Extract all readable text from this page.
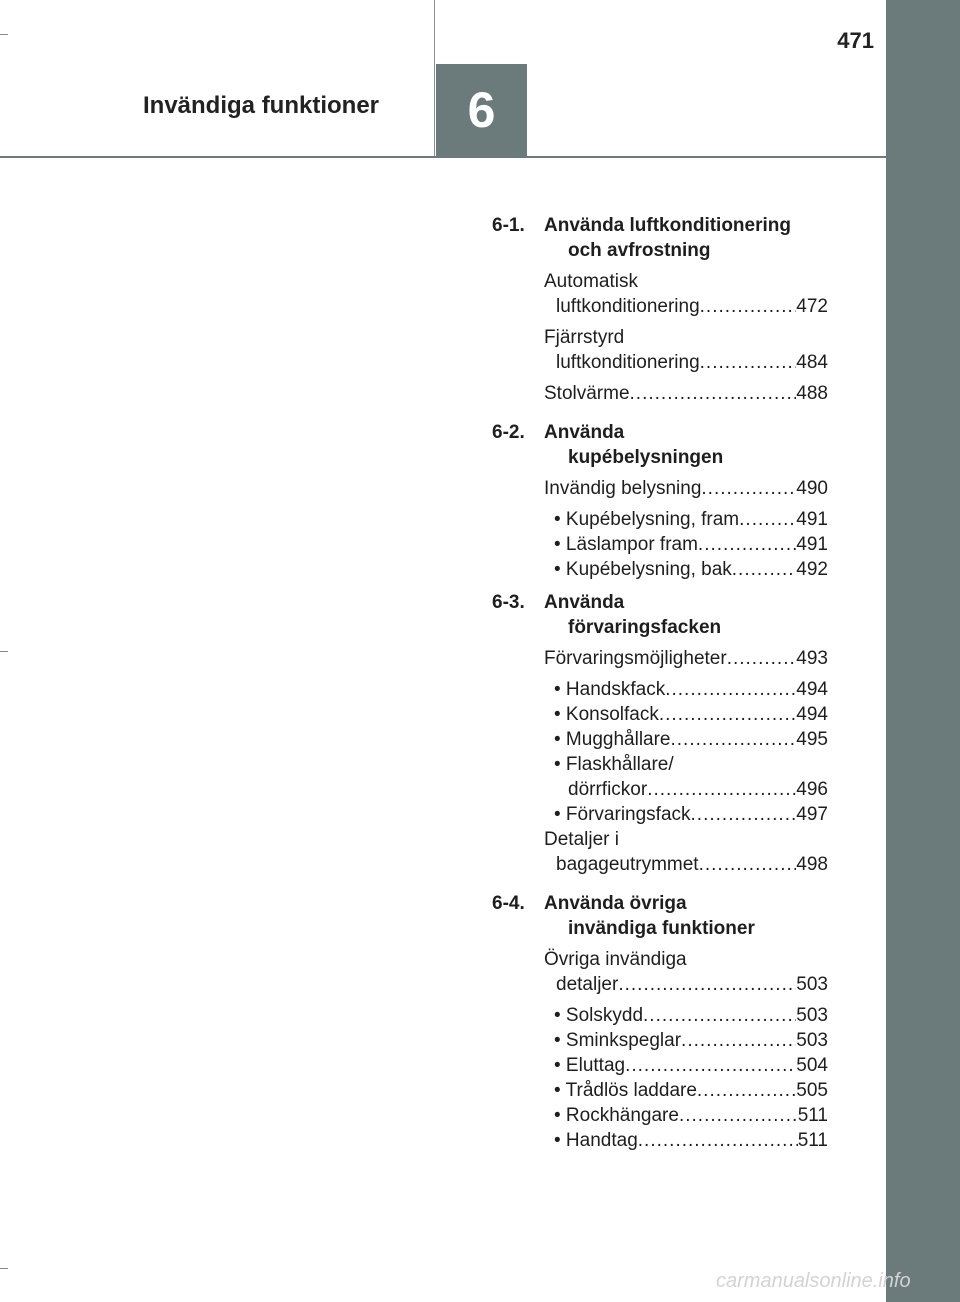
6
471
Invändiga funktioner
6-1.	Använda luftkonditionering
och avfrostning
Automatisk
luftkonditionering .....	472
Fjärrstyrd
luftkonditionering .....	484
Stolvärme .....	488
6-2.	Använda
kupébelysningen
Invändig belysning .....	490
• Kupébelysning, fram .....	491
• Läslampor fram .....	491
• Kupébelysning, bak .....	492
6-3.	Använda
förvaringsfacken
Förvaringsmöjligheter .....	493
• Handskfack .....	494
• Konsolfack .....	494
• Mugghållare .....	495
• Flaskhållare/
dörrfickor .....	496
• Förvaringsfack .....	497
Detaljer i
bagageutrymmet .....	498
6-4.	Använda övriga
invändiga funktioner
Övriga invändiga
detaljer .....	503
• Solskydd .....	503
• Sminkspeglar .....	503
• Eluttag .....	504
• Trådlös laddare .....	505
• Rockhängare .....	511
• Handtag .....	511
carmanualsonline.info
